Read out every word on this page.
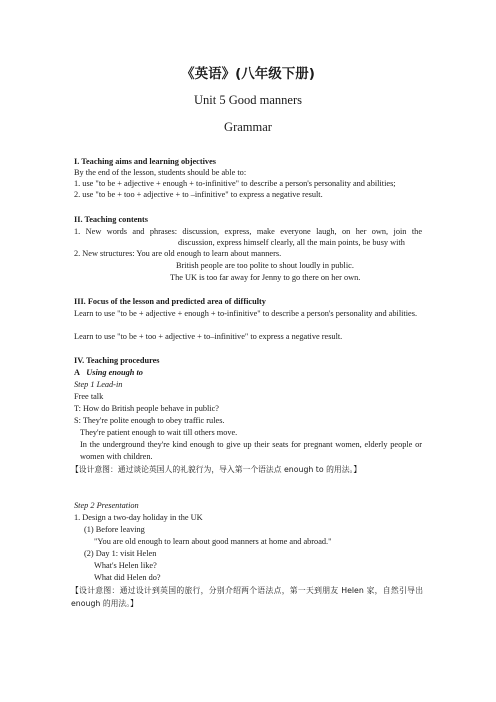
《英语》(八年级下册)
Unit 5 Good manners
Grammar
I. Teaching aims and learning objectives
By the end of the lesson, students should be able to:
1. use "to be + adjective + enough + to-infinitive" to describe a person's personality and abilities;
2. use "to be + too + adjective + to –infinitive" to express a negative result.
II. Teaching contents
1. New words and phrases: discussion, express, make everyone laugh, on her own, join the
discussion, express himself clearly, all the main points, be busy with
2. New structures: You are old enough to learn about manners.
British people are too polite to shout loudly in public.
The UK is too far away for Jenny to go there on her own.
III. Focus of the lesson and predicted area of difficulty
Learn to use "to be + adjective + enough + to-infinitive" to describe a person's personality and abilities.
Learn to use "to be + too + adjective + to–infinitive" to express a negative result.
IV. Teaching procedures
A Using enough to
Step 1 Lead-in
Free talk
T: How do British people behave in public?
S: They're polite enough to obey traffic rules.
They're patient enough to wait till others move.
In the underground they're kind enough to give up their seats for pregnant women, elderly people or women with children.
【设计意图：通过谈论英国人的礼貌行为，导入第一个语法点 enough to 的用法。】
Step 2 Presentation
1. Design a two-day holiday in the UK
(1) Before leaving
"You are old enough to learn about good manners at home and abroad."
(2) Day 1: visit Helen
What's Helen like?
What did Helen do?
【设计意图：通过设计到英国的旅行，分别介绍两个语法点，第一天到朋友 Helen 家，自然引导出 enough 的用法。】
